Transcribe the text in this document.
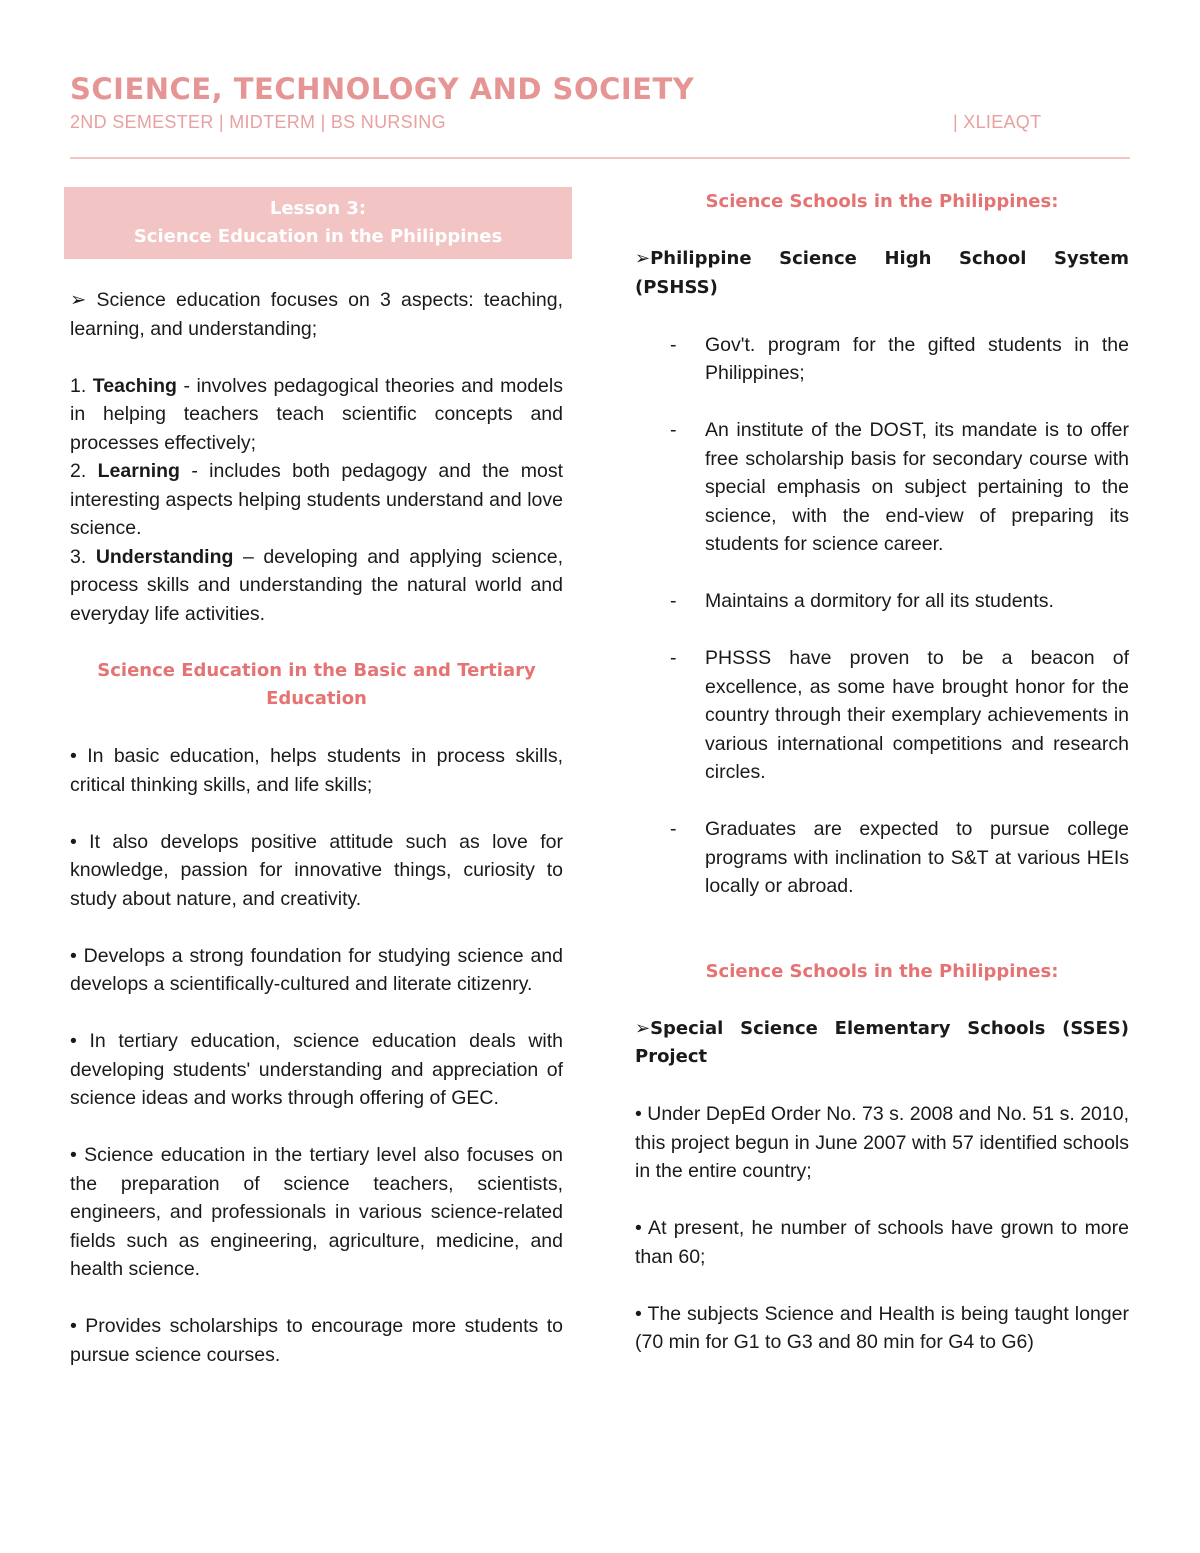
SCIENCE, TECHNOLOGY AND SOCIETY
2ND SEMESTER | MIDTERM | BS NURSING	| XLIEAQT
Lesson 3:
Science Education in the Philippines

➢ Science education focuses on 3 aspects: teaching, learning, and understanding;

1. Teaching - involves pedagogical theories and models in helping teachers teach scientific concepts and processes effectively;

2. Learning - includes both pedagogy and the most interesting aspects helping students understand and love science.

3. Understanding – developing and applying science, process skills and understanding the natural world and everyday life activities.

Science Education in the Basic and Tertiary Education

• In basic education, helps students in process skills, critical thinking skills, and life skills;

• It also develops positive attitude such as love for knowledge, passion for innovative things, curiosity to study about nature, and creativity.

• Develops a strong foundation for studying science and develops a scientifically-cultured and literate citizenry.

• In tertiary education, science education deals with developing students' understanding and appreciation of science ideas and works through offering of GEC.

• Science education in the tertiary level also focuses on the preparation of science teachers, scientists, engineers, and professionals in various science-related fields such as engineering, agriculture, medicine, and health science.

• Provides scholarships to encourage more students to pursue science courses.

Science Schools in the Philippines:
➢Philippine Science High School System
(PSHSS)
-	Gov't. program for the gifted students in the Philippines;
-	An institute of the DOST, its mandate is to offer free scholarship basis for secondary course with special emphasis on subject pertaining to the science, with the end-view of preparing its students for science career.
-	Maintains a dormitory for all its students.
-	PHSSS have proven to be a beacon of excellence, as some have brought honor for the country through their exemplary achievements in various international competitions and research circles.
-	Graduates are expected to pursue college programs with inclination to S&T at various HEIs locally or abroad.
Science Schools in the Philippines:
➢Special Science Elementary Schools (SSES)
Project

• Under DepEd Order No. 73 s. 2008 and No. 51 s. 2010, this project begun in June 2007 with 57 identified schools in the entire country;

• At present, he number of schools have grown to more than 60;

• The subjects Science and Health is being taught longer (70 min for G1 to G3 and 80 min for G4 to G6)
